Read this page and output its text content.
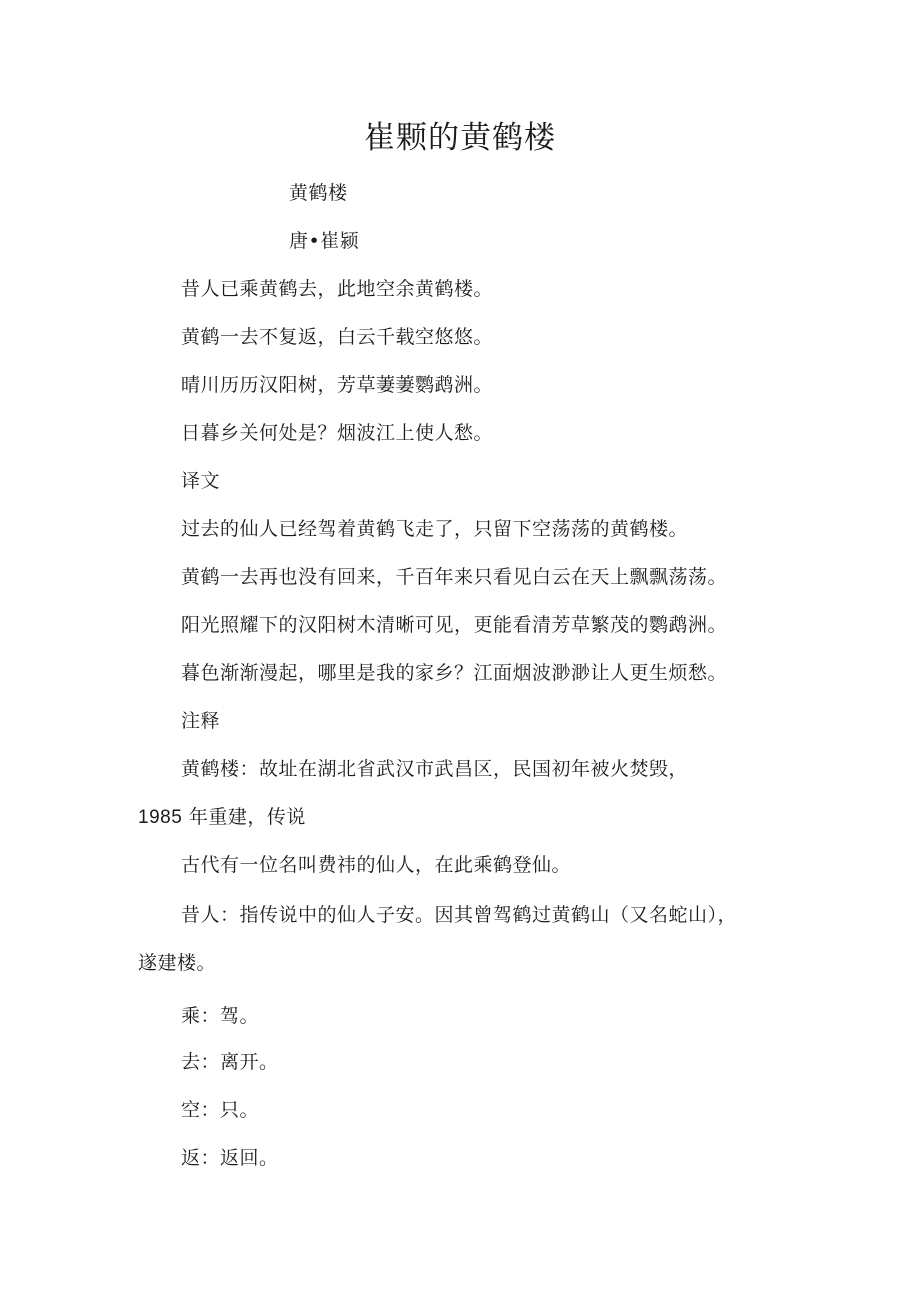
崔颗的黄鹤楼
黄鹤楼
唐•崔颍
昔人已乘黄鹤去，此地空余黄鹤楼。
黄鹤一去不复返，白云千载空悠悠。
晴川历历汉阳树，芳草萋萋鹦鹉洲。
日暮乡关何处是？烟波江上使人愁。
译文
过去的仙人已经驾着黄鹤飞走了，只留下空荡荡的黄鹤楼。
黄鹤一去再也没有回来，千百年来只看见白云在天上飘飘荡荡。
阳光照耀下的汉阳树木清晰可见，更能看清芳草繁茂的鹦鹉洲。
暮色渐渐漫起，哪里是我的家乡？江面烟波渺渺让人更生烦愁。
注释
黄鹤楼：故址在湖北省武汉市武昌区，民国初年被火焚毁，
1985 年重建，传说
古代有一位名叫费祎的仙人，在此乘鹤登仙。
昔人：指传说中的仙人子安。因其曾驾鹤过黄鹤山（又名蛇山），
遂建楼。
乘：驾。
去：离开。
空：只。
返：返回。
